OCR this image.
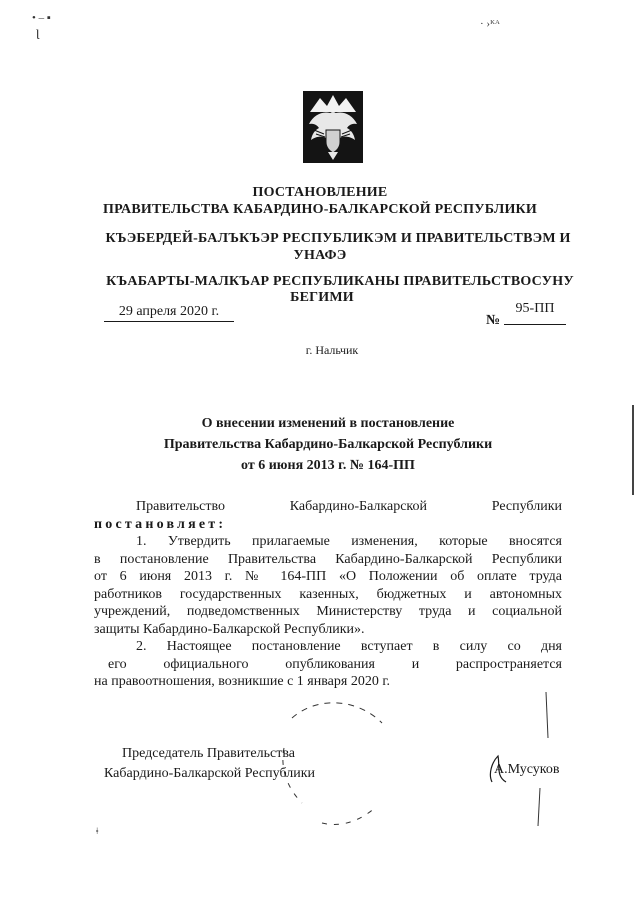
• – ▪
Ɩ
· ›ᴷᴬ
ПОСТАНОВЛЕНИЕ
ПРАВИТЕЛЬСТВА КАБАРДИНО-БАЛКАРСКОЙ РЕСПУБЛИКИ
КЪЭБЕРДЕЙ-БАЛЪКЪЭР РЕСПУБЛИКЭМ И ПРАВИТЕЛЬСТВЭМ И
УНАФЭ
КЪАБАРТЫ-МАЛКЪАР РЕСПУБЛИКАНЫ ПРАВИТЕЛЬСТВОСУНУ
БЕГИМИ
29 апреля 2020 г.
№
95-ПП
г. Нальчик
О внесении изменений в постановление
Правительства Кабардино-Балкарской Республики
от 6 июня 2013 г. № 164-ПП
Правительство	Кабардино-Балкарской	Республики
постановляет:
1. Утвердить прилагаемые изменения, которые вносятся
в постановление Правительства Кабардино-Балкарской Республики
от 6 июня 2013 г. № 164-ПП «О Положении об оплате труда
работников государственных казенных, бюджетных и автономных
учреждений, подведомственных Министерству труда и социальной
защиты Кабардино-Балкарской Республики».
2. Настоящее постановление вступает в силу со дня
его официального опубликования и распространяется
на правоотношения, возникшие с 1 января 2020 г.
Председатель Правительства
Кабардино-Балкарской Республики	А.Мусуков
ǂ
